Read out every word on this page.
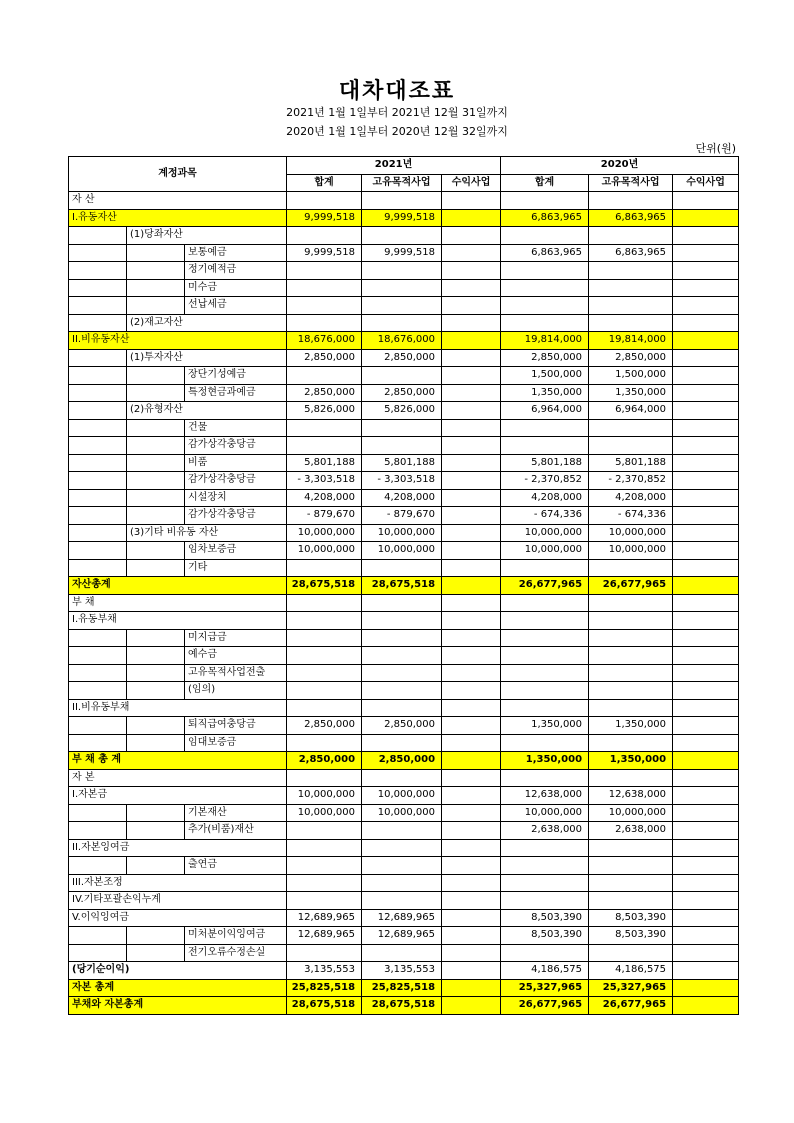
대차대조표
2021년 1월 1일부터 2021년 12월 31일까지
2020년 1월 1일부터 2020년 12월 32일까지
단위(원)
계정과목			2021년			2020년		
			합계	고유목적사업	수익사업		합계	고유목적사업	수익사업
자 산								
I.유동자산			9,999,518	9,999,518			6,863,965	6,863,965	
	(1)당좌자산							
		보통예금	9,999,518	9,999,518			6,863,965	6,863,965	
		정기예적금							
		미수금							
		선납세금							
	(2)재고자산							
II.비유동자산			18,676,000	18,676,000			19,814,000	19,814,000	
	(1)투자자산		2,850,000	2,850,000			2,850,000	2,850,000	
		장단기성예금					1,500,000	1,500,000	
		특정현금과예금	2,850,000	2,850,000			1,350,000	1,350,000	
	(2)유형자산		5,826,000	5,826,000			6,964,000	6,964,000	
		건물							
		감가상각충당금							
		비품	5,801,188	5,801,188			5,801,188	5,801,188	
		감가상각충당금	- 3,303,518	- 3,303,518			- 2,370,852	- 2,370,852	
		시설장치	4,208,000	4,208,000			4,208,000	4,208,000	
		감가상각충당금	- 879,670	- 879,670			- 674,336	- 674,336	
	(3)기타 비유동 자산		10,000,000	10,000,000			10,000,000	10,000,000	
		임차보증금	10,000,000	10,000,000			10,000,000	10,000,000	
		기타							
자산총계			28,675,518	28,675,518			26,677,965	26,677,965	
부 채								
I.유동부채								
		미지급금							
		예수금							
		고유목적사업전출							
		(임의)							
II.비유동부채								
		퇴직급여충당금	2,850,000	2,850,000			1,350,000	1,350,000	
		임대보증금							
부 채 총 계			2,850,000	2,850,000			1,350,000	1,350,000	
자 본								
I.자본금			10,000,000	10,000,000			12,638,000	12,638,000	
		기본재산	10,000,000	10,000,000			10,000,000	10,000,000	
		추가(비품)재산					2,638,000	2,638,000	
II.자본잉여금								
		출연금							
III.자본조정								
IV.기타포괄손익누계								
V.이익잉여금			12,689,965	12,689,965			8,503,390	8,503,390	
		미처분이익잉여금	12,689,965	12,689,965			8,503,390	8,503,390	
		전기오류수정손실							
(당기순이익)			3,135,553	3,135,553			4,186,575	4,186,575	
자본 총계			25,825,518	25,825,518			25,327,965	25,327,965	
부채와 자본총계			28,675,518	28,675,518			26,677,965	26,677,965	
